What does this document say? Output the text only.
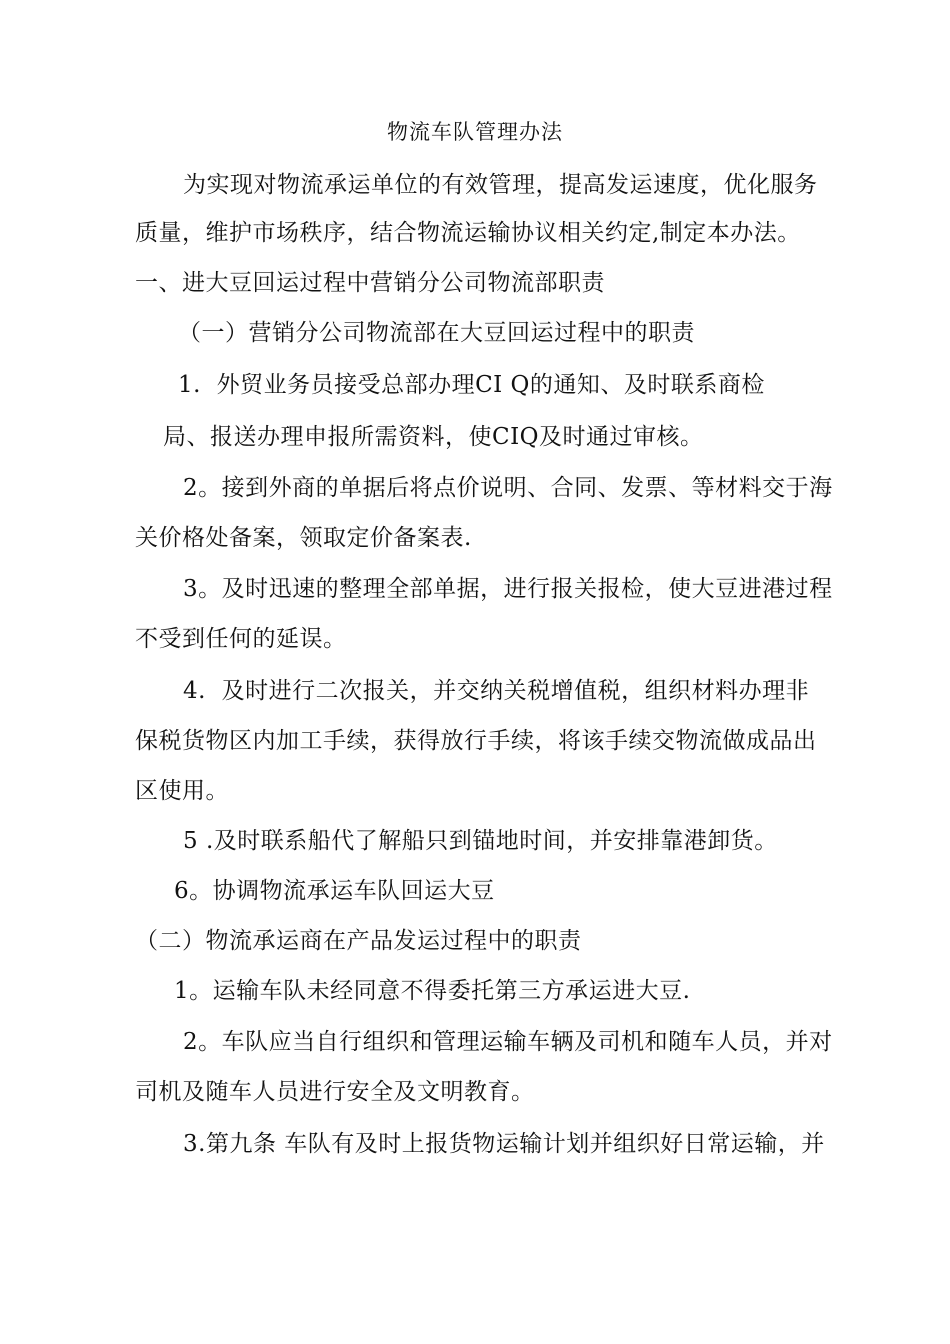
物流车队管理办法
为实现对物流承运单位的有效管理，提高发运速度，优化服务
质量，维护市场秩序，结合物流运输协议相关约定,制定本办法。
一、进大豆回运过程中营销分公司物流部职责
（一）营销分公司物流部在大豆回运过程中的职责
1.  外贸业务员接受总部办理CI Q的通知、及时联系商检
局、报送办理申报所需资料，使CIQ及时通过审核。
2。接到外商的单据后将点价说明、合同、发票、等材料交于海
关价格处备案，领取定价备案表.
3。及时迅速的整理全部单据，进行报关报检，使大豆进港过程
不受到任何的延误。
4.  及时进行二次报关，并交纳关税增值税，组织材料办理非
保税货物区内加工手续，获得放行手续，将该手续交物流做成品出
区使用。
5 .及时联系船代了解船只到锚地时间，并安排靠港卸货。
6。协调物流承运车队回运大豆
（二）物流承运商在产品发运过程中的职责
1。运输车队未经同意不得委托第三方承运进大豆.
2。车队应当自行组织和管理运输车辆及司机和随车人员，并对
司机及随车人员进行安全及文明教育。
3.第九条 车队有及时上报货物运输计划并组织好日常运输，并
